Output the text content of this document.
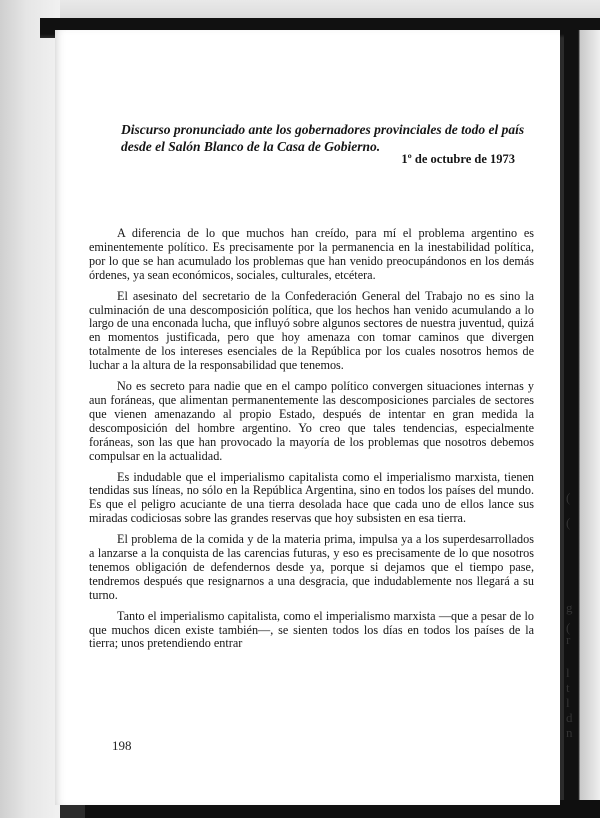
(
(
g
(
r
l
t
l
d
n
Discurso pronunciado ante los gobernadores provinciales de todo el país desde el Salón Blanco de la Casa de Gobierno.
1º de octubre de 1973

A diferencia de lo que muchos han creído, para mí el problema argentino es eminentemente político. Es precisamente por la permanencia en la inestabilidad política, por lo que se han acumulado los problemas que han venido preocupándonos en los demás órdenes, ya sean económicos, sociales, culturales, etcétera.

El asesinato del secretario de la Confederación General del Trabajo no es sino la culminación de una descomposición política, que los hechos han venido acumulando a lo largo de una enconada lucha, que influyó sobre algunos sectores de nuestra juventud, quizá en momentos justificada, pero que hoy amenaza con tomar caminos que divergen totalmente de los intereses esenciales de la República por los cuales nosotros hemos de luchar a la altura de la responsabilidad que tenemos.

No es secreto para nadie que en el campo político convergen situaciones internas y aun foráneas, que alimentan permanentemente las descomposiciones parciales de sectores que vienen amenazando al propio Estado, después de intentar en gran medida la descomposición del hombre argentino. Yo creo que tales tendencias, especialmente foráneas, son las que han provocado la mayoría de los problemas que nosotros debemos compulsar en la actualidad.

Es indudable que el imperialismo capitalista como el imperialismo marxista, tienen tendidas sus líneas, no sólo en la República Argentina, sino en todos los países del mundo. Es que el peligro acuciante de una tierra desolada hace que cada uno de ellos lance sus miradas codiciosas sobre las grandes reservas que hoy subsisten en esa tierra.

El problema de la comida y de la materia prima, impulsa ya a los superdesarrollados a lanzarse a la conquista de las carencias futuras, y eso es precisamente de lo que nosotros tenemos obligación de defendernos desde ya, porque si dejamos que el tiempo pase, tendremos después que resignarnos a una desgracia, que indudablemente nos llegará a su turno.

Tanto el imperialismo capitalista, como el imperialismo marxista —que a pesar de lo que muchos dicen existe también—, se sienten todos los días en todos los países de la tierra; unos pretendiendo entrar

198
